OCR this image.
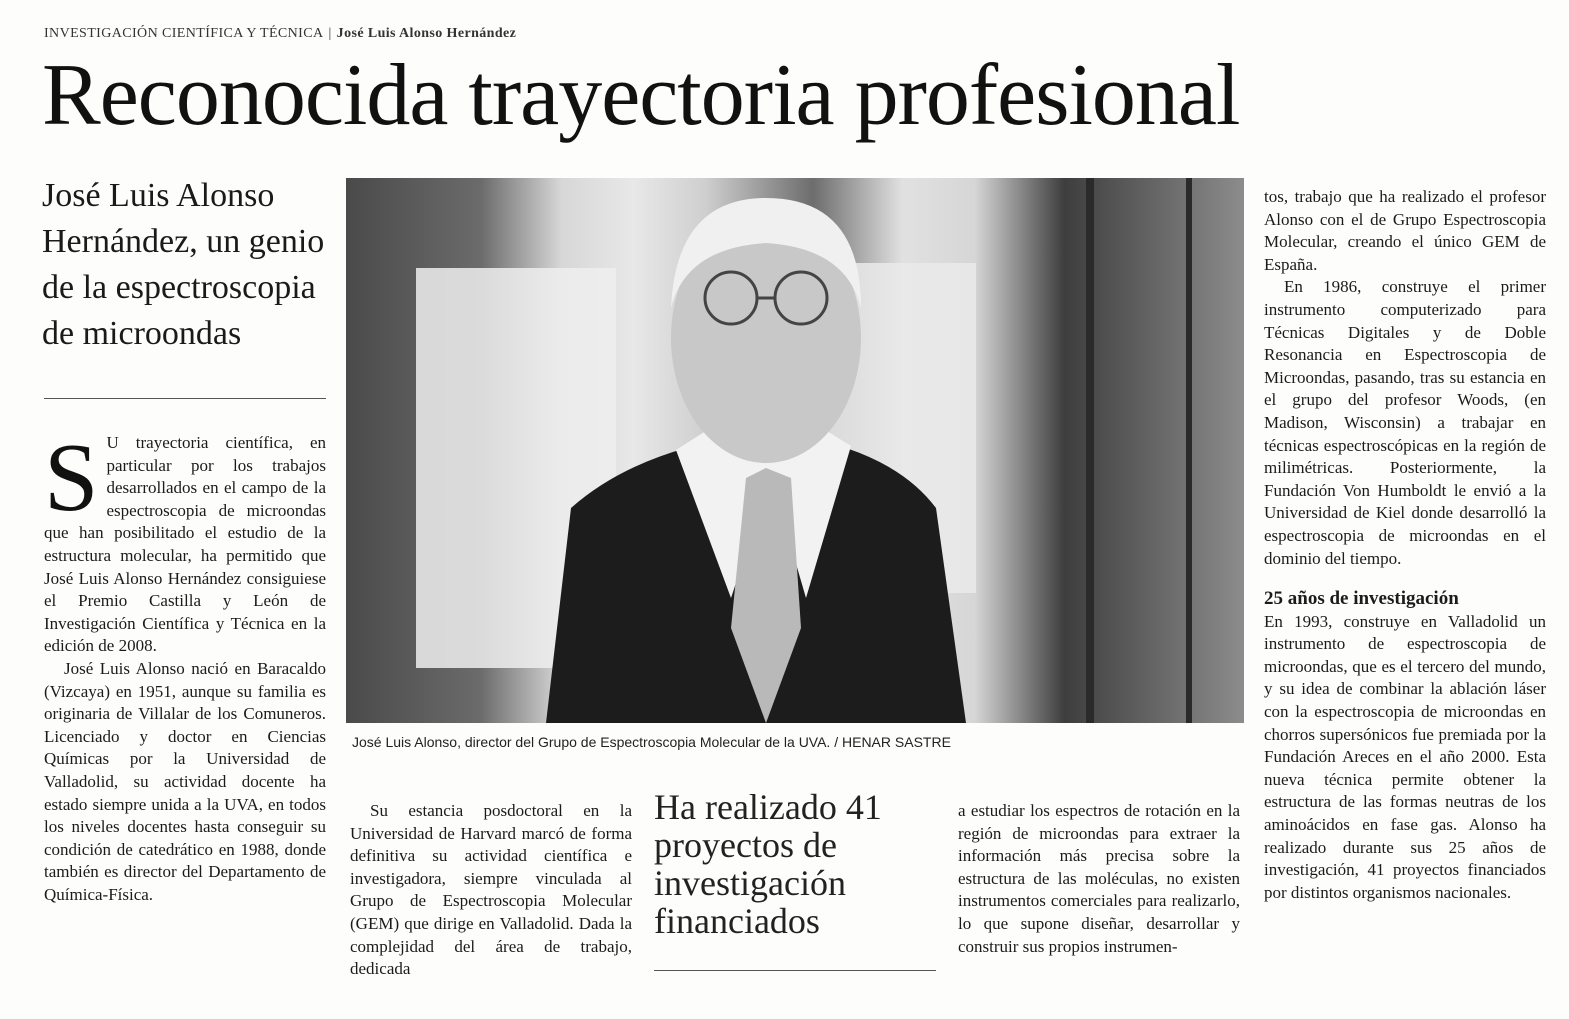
INVESTIGACIÓN CIENTÍFICA Y TÉCNICA | José Luis Alonso Hernández
Reconocida trayectoria profesional
José Luis Alonso Hernández, un genio de la espectroscopia de microondas

S U trayectoria científica, en particular por los trabajos desarrollados en el campo de la espectroscopia de microondas que han posibilitado el estudio de la estructura molecular, ha permitido que José Luis Alonso Hernández consiguiese el Premio Castilla y León de Investigación Científica y Técnica en la edición de 2008.

José Luis Alonso nació en Baracaldo (Vizcaya) en 1951, aunque su familia es originaria de Villalar de los Comuneros. Licenciado y doctor en Ciencias Químicas por la Universidad de Valladolid, su actividad docente ha estado siempre unida a la UVA, en todos los niveles docentes hasta conseguir su condición de catedrático en 1988, donde también es director del Departamento de Química-Física.

José Luis Alonso, director del Grupo de Espectroscopia Molecular de la UVA. / HENAR SASTRE

Su estancia posdoctoral en la Universidad de Harvard marcó de forma definitiva su actividad científica e investigadora, siempre vinculada al Grupo de Espectroscopia Molecular (GEM) que dirige en Valladolid. Dada la complejidad del área de trabajo, dedicada

Ha realizado 41 proyectos de investigación financiados

a estudiar los espectros de rotación en la región de microondas para extraer la información más precisa sobre la estructura de las moléculas, no existen instrumentos comerciales para realizarlo, lo que supone diseñar, desarrollar y construir sus propios instrumen-

tos, trabajo que ha realizado el profesor Alonso con el de Grupo Espectroscopia Molecular, creando el único GEM de España.

En 1986, construye el primer instrumento computerizado para Técnicas Digitales y de Doble Resonancia en Espectroscopia de Microondas, pasando, tras su estancia en el grupo del profesor Woods, (en Madison, Wisconsin) a trabajar en técnicas espectroscópicas en la región de milimétricas. Posteriormente, la Fundación Von Humboldt le envió a la Universidad de Kiel donde desarrolló la espectroscopia de microondas en el dominio del tiempo.

25 años de investigación

En 1993, construye en Valladolid un instrumento de espectroscopia de microondas, que es el tercero del mundo, y su idea de combinar la ablación láser con la espectroscopia de microondas en chorros supersónicos fue premiada por la Fundación Areces en el año 2000. Esta nueva técnica permite obtener la estructura de las formas neutras de los aminoácidos en fase gas. Alonso ha realizado durante sus 25 años de investigación, 41 proyectos financiados por distintos organismos nacionales.
